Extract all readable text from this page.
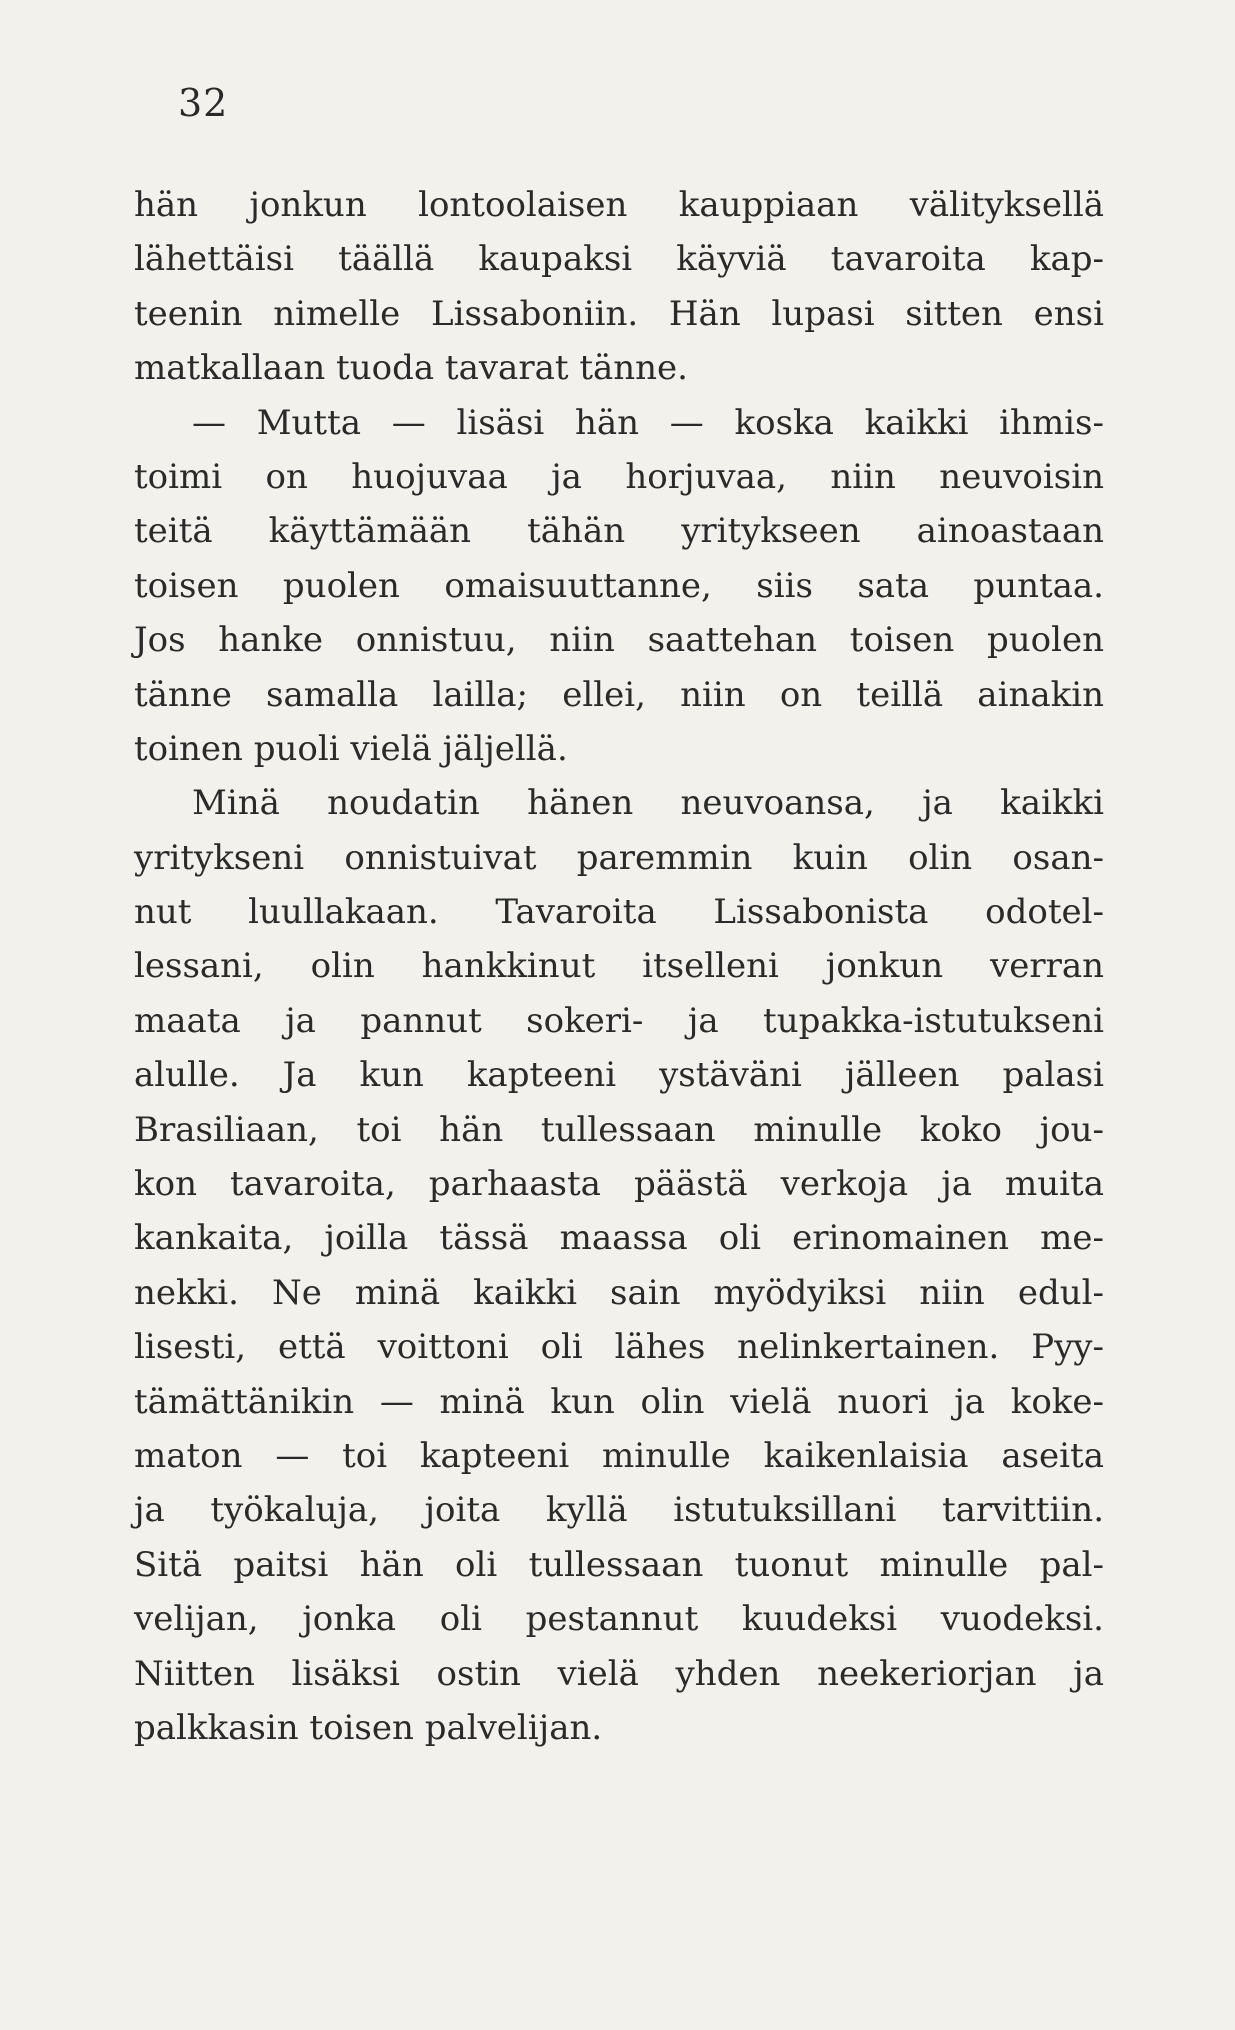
32
hän jonkun lontoolaisen kauppiaan välityksellä
lähettäisi täällä kaupaksi käyviä tavaroita kap-
teenin nimelle Lissaboniin. Hän lupasi sitten ensi
matkallaan tuoda tavarat tänne.
— Mutta — lisäsi hän — koska kaikki ihmis-
toimi on huojuvaa ja horjuvaa, niin neuvoisin
teitä käyttämään tähän yritykseen ainoastaan
toisen puolen omaisuuttanne, siis sata puntaa.
Jos hanke onnistuu, niin saattehan toisen puolen
tänne samalla lailla; ellei, niin on teillä ainakin
toinen puoli vielä jäljellä.
Minä noudatin hänen neuvoansa, ja kaikki
yritykseni onnistuivat paremmin kuin olin osan-
nut luullakaan. Tavaroita Lissabonista odotel-
lessani, olin hankkinut itselleni jonkun verran
maata ja pannut sokeri- ja tupakka-istutukseni
alulle. Ja kun kapteeni ystäväni jälleen palasi
Brasiliaan, toi hän tullessaan minulle koko jou-
kon tavaroita, parhaasta päästä verkoja ja muita
kankaita, joilla tässä maassa oli erinomainen me-
nekki. Ne minä kaikki sain myödyiksi niin edul-
lisesti, että voittoni oli lähes nelinkertainen. Pyy-
tämättänikin — minä kun olin vielä nuori ja koke-
maton — toi kapteeni minulle kaikenlaisia aseita
ja työkaluja, joita kyllä istutuksillani tarvittiin.
Sitä paitsi hän oli tullessaan tuonut minulle pal-
velijan, jonka oli pestannut kuudeksi vuodeksi.
Niitten lisäksi ostin vielä yhden neekeriorjan ja
palkkasin toisen palvelijan.
